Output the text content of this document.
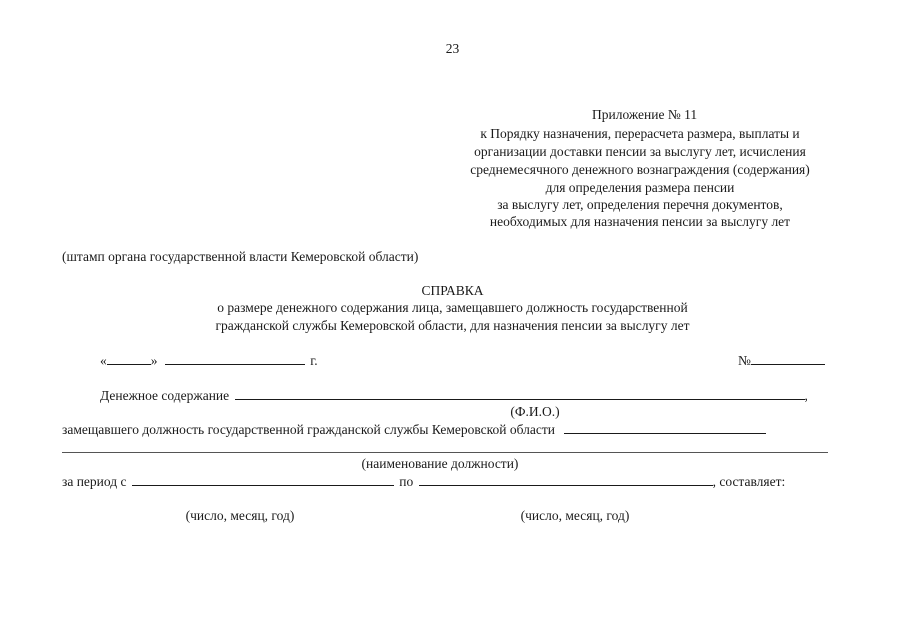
23
Приложение № 11
к Порядку назначения, перерасчета размера, выплаты и
организации доставки пенсии за выслугу лет, исчисления
среднемесячного денежного вознаграждения (содержания)
для определения размера пенсии
за выслугу лет, определения перечня документов,
необходимых для назначения пенсии за выслугу лет
(штамп органа государственной власти Кемеровской области)
СПРАВКА
о размере денежного содержания лица, замещавшего должность государственной
гражданской службы Кемеровской области, для назначения пенсии за выслугу лет
«	»	г.	№
Денежное содержание	,
(Ф.И.О.)
замещавшего должность государственной гражданской службы Кемеровской области
(наименование должности)
за период с	по	, составляет:
(число, месяц, год)	(число, месяц, год)
